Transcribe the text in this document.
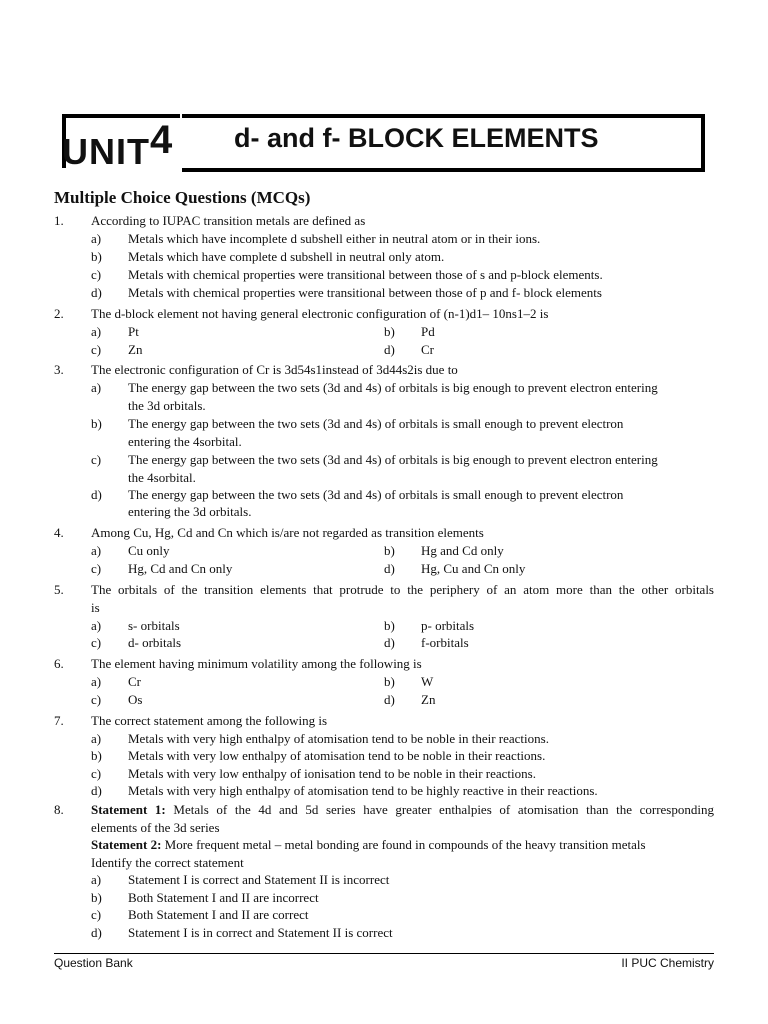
UNIT 4 d- and f- BLOCK ELEMENTS
Multiple Choice Questions (MCQs)
1. According to IUPAC transition metals are defined as
a) Metals which have incomplete d subshell either in neutral atom or in their ions.
b) Metals which have complete d subshell in neutral only atom.
c) Metals with chemical properties were transitional between those of s and p-block elements.
d) Metals with chemical properties were transitional between those of p and f- block elements
2. The d-block element not having general electronic configuration of (n-1)d1– 10ns1–2 is
a) Pt	b) Pd
c) Zn	d) Cr
3. The electronic configuration of Cr is 3d54s1instead of 3d44s2is due to
a) The energy gap between the two sets (3d and 4s) of orbitals is big enough to prevent electron entering
the 3d orbitals.
b) The energy gap between the two sets (3d and 4s) of orbitals is small enough to prevent electron
entering the 4sorbital.
c) The energy gap between the two sets (3d and 4s) of orbitals is big enough to prevent electron entering
the 4sorbital.
d) The energy gap between the two sets (3d and 4s) of orbitals is small enough to prevent electron
entering the 3d orbitals.
4. Among Cu, Hg, Cd and Cn which is/are not regarded as transition elements
a) Cu only	b) Hg and Cd only
c) Hg, Cd and Cn only	d) Hg, Cu and Cn only
5. The orbitals of the transition elements that protrude to the periphery of an atom more than the other orbitals
is
a) s- orbitals	b) p- orbitals
c) d- orbitals	d) f-orbitals
6. The element having minimum volatility among the following is
a) Cr	b) W
c) Os	d) Zn
7. The correct statement among the following is
a) Metals with very high enthalpy of atomisation tend to be noble in their reactions.
b) Metals with very low enthalpy of atomisation tend to be noble in their reactions.
c) Metals with very low enthalpy of ionisation tend to be noble in their reactions.
d) Metals with very high enthalpy of atomisation tend to be highly reactive in their reactions.
8. Statement 1: Metals of the 4d and 5d series have greater enthalpies of atomisation than the corresponding
elements of the 3d series
Statement 2: More frequent metal – metal bonding are found in compounds of the heavy transition metals
Identify the correct statement
a) Statement I is correct and Statement II is incorrect
b) Both Statement I and II are incorrect
c) Both Statement I and II are correct
d) Statement I is in correct and Statement II is correct
Question Bank	II PUC Chemistry
